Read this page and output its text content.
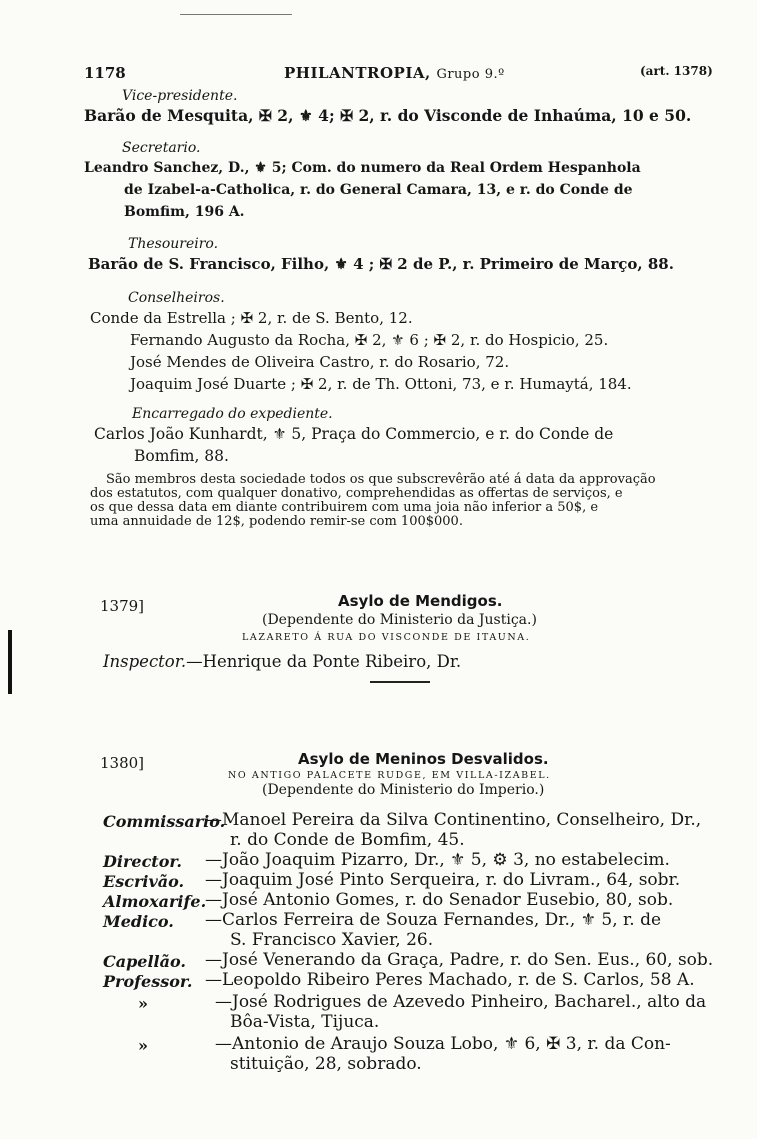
1178	PHILANTROPIA, Grupo 9.º	(art. 1378)
Vice-presidente.
Barão de Mesquita, ✠ 2, ⚜ 4; ✠ 2, r. do Visconde de Inhaúma, 10 e 50.
Secretario.
Leandro Sanchez, D., ⚜ 5; Com. do numero da Real Ordem Hespanhola
de Izabel-a-Catholica, r. do General Camara, 13, e r. do Conde de
Bomfim, 196 A.
Thesoureiro.
Barão de S. Francisco, Filho, ⚜ 4 ; ✠ 2 de P., r. Primeiro de Março, 88.
Conselheiros.
Conde da Estrella ; ✠ 2, r. de S. Bento, 12.
Fernando Augusto da Rocha, ✠ 2, ⚜ 6 ; ✠ 2, r. do Hospicio, 25.
José Mendes de Oliveira Castro, r. do Rosario, 72.
Joaquim José Duarte ; ✠ 2, r. de Th. Ottoni, 73, e r. Humaytá, 184.
Encarregado do expediente.
Carlos João Kunhardt, ⚜ 5, Praça do Commercio, e r. do Conde de
Bomfim, 88.
São membros desta sociedade todos os que subscrevêrão até á data da approvação
dos estatutos, com qualquer donativo, comprehendidas as offertas de serviços, e
os que dessa data em diante contribuirem com uma joia não inferior a 50$, e
uma annuidade de 12$, podendo remir-se com 100$000.
1379]	Asylo de Mendigos.
(Dependente do Ministerio da Justiça.)
LAZARETO Á RUA DO VISCONDE DE ITAUNA.
Inspector.—Henrique da Ponte Ribeiro, Dr.
1380]	Asylo de Meninos Desvalidos.
NO ANTIGO PALACETE RUDGE, EM VILLA-IZABEL.
(Dependente do Ministerio do Imperio.)
Commissario.
—Manoel Pereira da Silva Continentino, Conselheiro, Dr.,
r. do Conde de Bomfim, 45.
Director. —João Joaquim Pizarro, Dr., ⚜ 5, ⚙ 3, no estabelecim.
Escrivão. —Joaquim José Pinto Serqueira, r. do Livram., 64, sobr.
Almoxarife.
—José Antonio Gomes, r. do Senador Eusebio, 80, sob.
Medico. —Carlos Ferreira de Souza Fernandes, Dr., ⚜ 5, r. de
S. Francisco Xavier, 26.
Capellão. —José Venerando da Graça, Padre, r. do Sen. Eus., 60, sob.
Professor. —Leopoldo Ribeiro Peres Machado, r. de S. Carlos, 58 A.
»	—José Rodrigues de Azevedo Pinheiro, Bacharel., alto da
Bôa-Vista, Tijuca.
»	—Antonio de Araujo Souza Lobo, ⚜ 6, ✠ 3, r. da Con-
stituição, 28, sobrado.
